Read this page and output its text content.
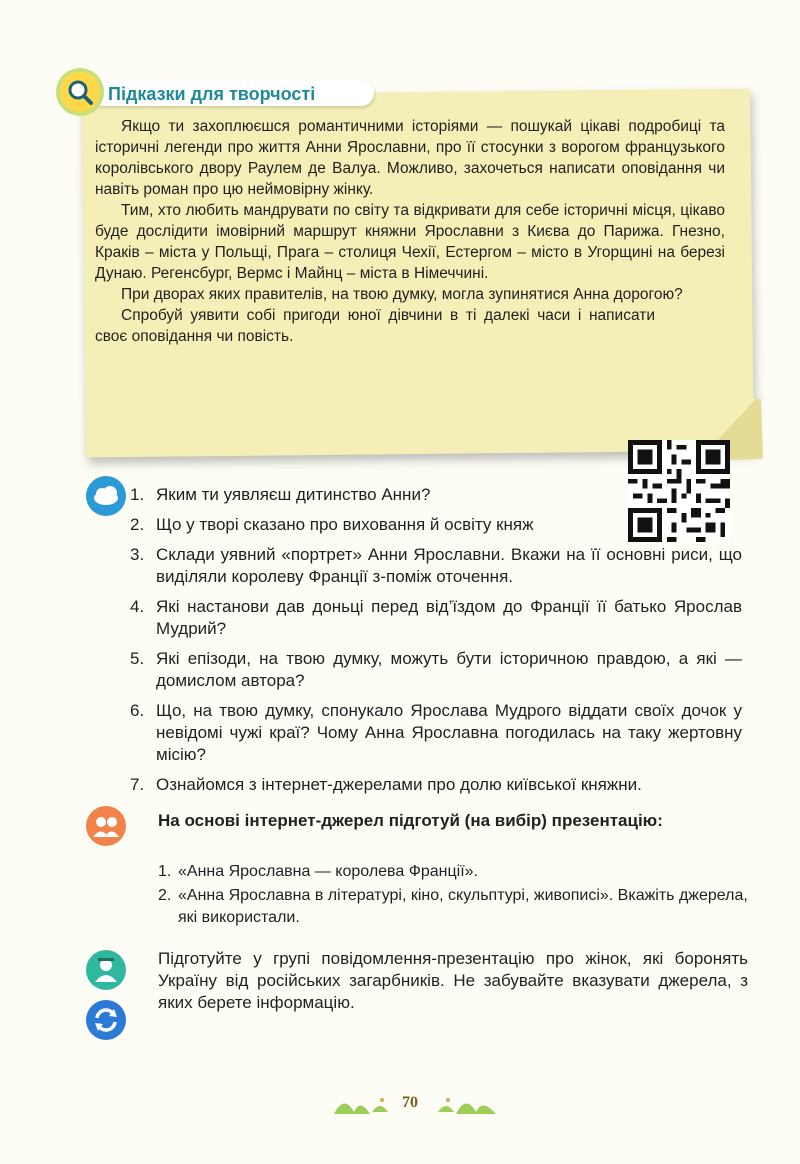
Підказки для творчості

Якщо ти захоплюєшся романтичними історіями — пошукай цікаві подробиці та історичні легенди про життя Анни Ярославни, про її стосунки з ворогом французького королівського двору Раулем де Валуа. Можливо, захочеться написати оповідання чи навіть роман про цю неймовірну жінку.

Тим, хто любить мандрувати по світу та відкривати для себе історичні місця, цікаво буде дослідити імовірний маршрут княжни Ярославни з Києва до Парижа. Гнезно, Краків – міста у Польщі, Прага – столиця Чехії, Естергом – місто в Угорщині на березі Дунаю. Регенсбург, Вермс і Майнц – міста в Німеччині.

При дворах яких правителів, на твою думку, могла зупинятися Анна дорогою?

Спробуй уявити собі пригоди юної дівчини в ті далекі часи і написати своє оповідання чи повість.

1. Яким ти уявляєш дитинство Анни?
2. Що у творі сказано про виховання й освіту княж
3. Склади уявний «портрет» Анни Ярославни. Вкажи на її основні риси, що виділяли королеву Франції з-поміж оточення.
4. Які настанови дав доньці перед від’їздом до Франції її батько Ярослав Мудрий?
5. Які епізоди, на твою думку, можуть бути історичною правдою, а які — домислом автора?
6. Що, на твою думку, спонукало Ярослава Мудрого віддати своїх дочок у невідомі чужі краї? Чому Анна Ярославна погодилась на таку жертовну місію?
7. Ознайомся з інтернет-джерелами про долю київської княжни.
На основі інтернет-джерел підготуй (на вибір) презентацію:
1. «Анна Ярославна — королева Франції».
2. «Анна Ярославна в літературі, кіно, скульптурі, живописі». Вкажіть джерела, які використали.
Підготуйте у групі повідомлення-презентацію про жінок, які боронять Україну від російських загарбників. Не забувайте вказувати джерела, з яких берете інформацію.
70
